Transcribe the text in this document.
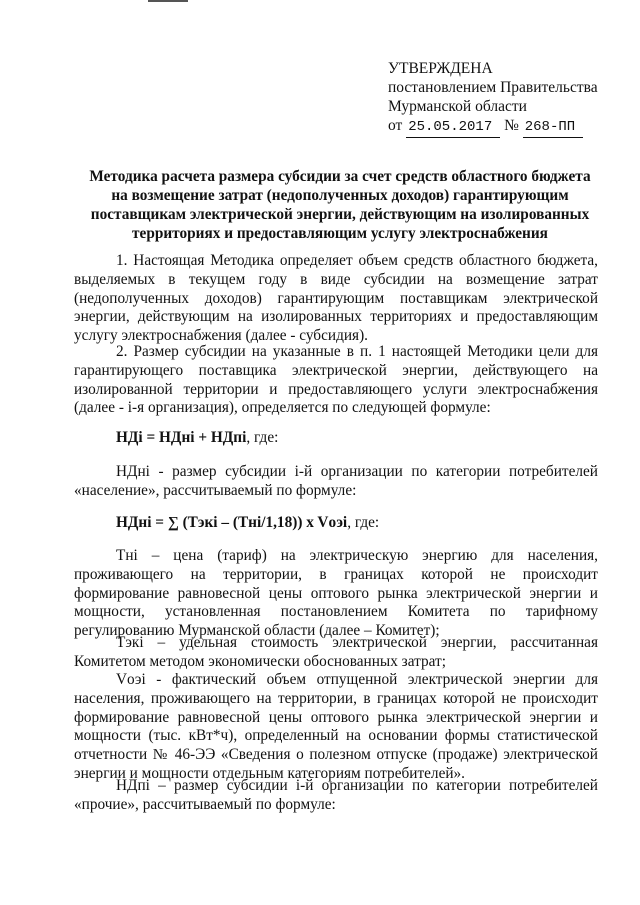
УТВЕРЖДЕНА
постановлением Правительства
Мурманской области
от 25.05.2017 № 268-ПП
Методика расчета размера субсидии за счет средств областного бюджета на возмещение затрат (недополученных доходов) гарантирующим поставщикам электрической энергии, действующим на изолированных территориях и предоставляющим услугу электроснабжения
1. Настоящая Методика определяет объем средств областного бюджета, выделяемых в текущем году в виде субсидии на возмещение затрат (недополученных доходов) гарантирующим поставщикам электрической энергии, действующим на изолированных территориях и предоставляющим услугу электроснабжения (далее - субсидия).
2. Размер субсидии на указанные в п. 1 настоящей Методики цели для гарантирующего поставщика электрической энергии, действующего на изолированной территории и предоставляющего услуги электроснабжения (далее - i-я организация), определяется по следующей формуле:
НДi = НДнi + НДпi, где:
НДнi - размер субсидии i-й организации по категории потребителей «население», рассчитываемый по формуле:
НДнi = ∑ (Тэкi – (Тнi/1,18)) x Vоэi, где:
Тнi – цена (тариф) на электрическую энергию для населения, проживающего на территории, в границах которой не происходит формирование равновесной цены оптового рынка электрической энергии и мощности, установленная постановлением Комитета по тарифному регулированию Мурманской области (далее – Комитет);
Тэкi – удельная стоимость электрической энергии, рассчитанная Комитетом методом экономически обоснованных затрат;
Vоэi - фактический объем отпущенной электрической энергии для населения, проживающего на территории, в границах которой не происходит формирование равновесной цены оптового рынка электрической энергии и мощности (тыс. кВт*ч), определенный на основании формы статистической отчетности № 46-ЭЭ «Сведения о полезном отпуске (продаже) электрической энергии и мощности отдельным категориям потребителей».
НДпi – размер субсидии i-й организации по категории потребителей «прочие», рассчитываемый по формуле:
